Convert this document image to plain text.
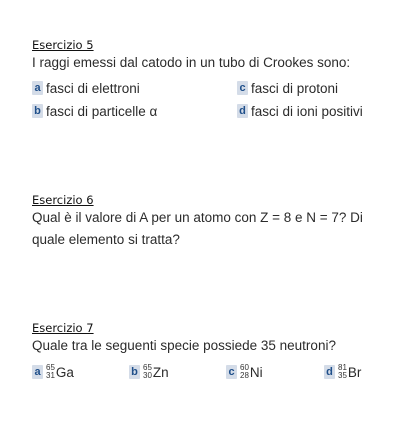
Esercizio 5
I raggi emessi dal catodo in un tubo di Crookes sono:
a fasci di elettroni	c fasci di protoni
b fasci di particelle α	d fasci di ioni positivi
Esercizio 6
Qual è il valore di A per un atomo con Z = 8 e N = 7? Di
quale elemento si tratta?
Esercizio 7
Quale tra le seguenti specie possiede 35 neutroni?
a 65
31 Ga	b 65
30 Zn	c 60
28 Ni	d 81
35 Br
